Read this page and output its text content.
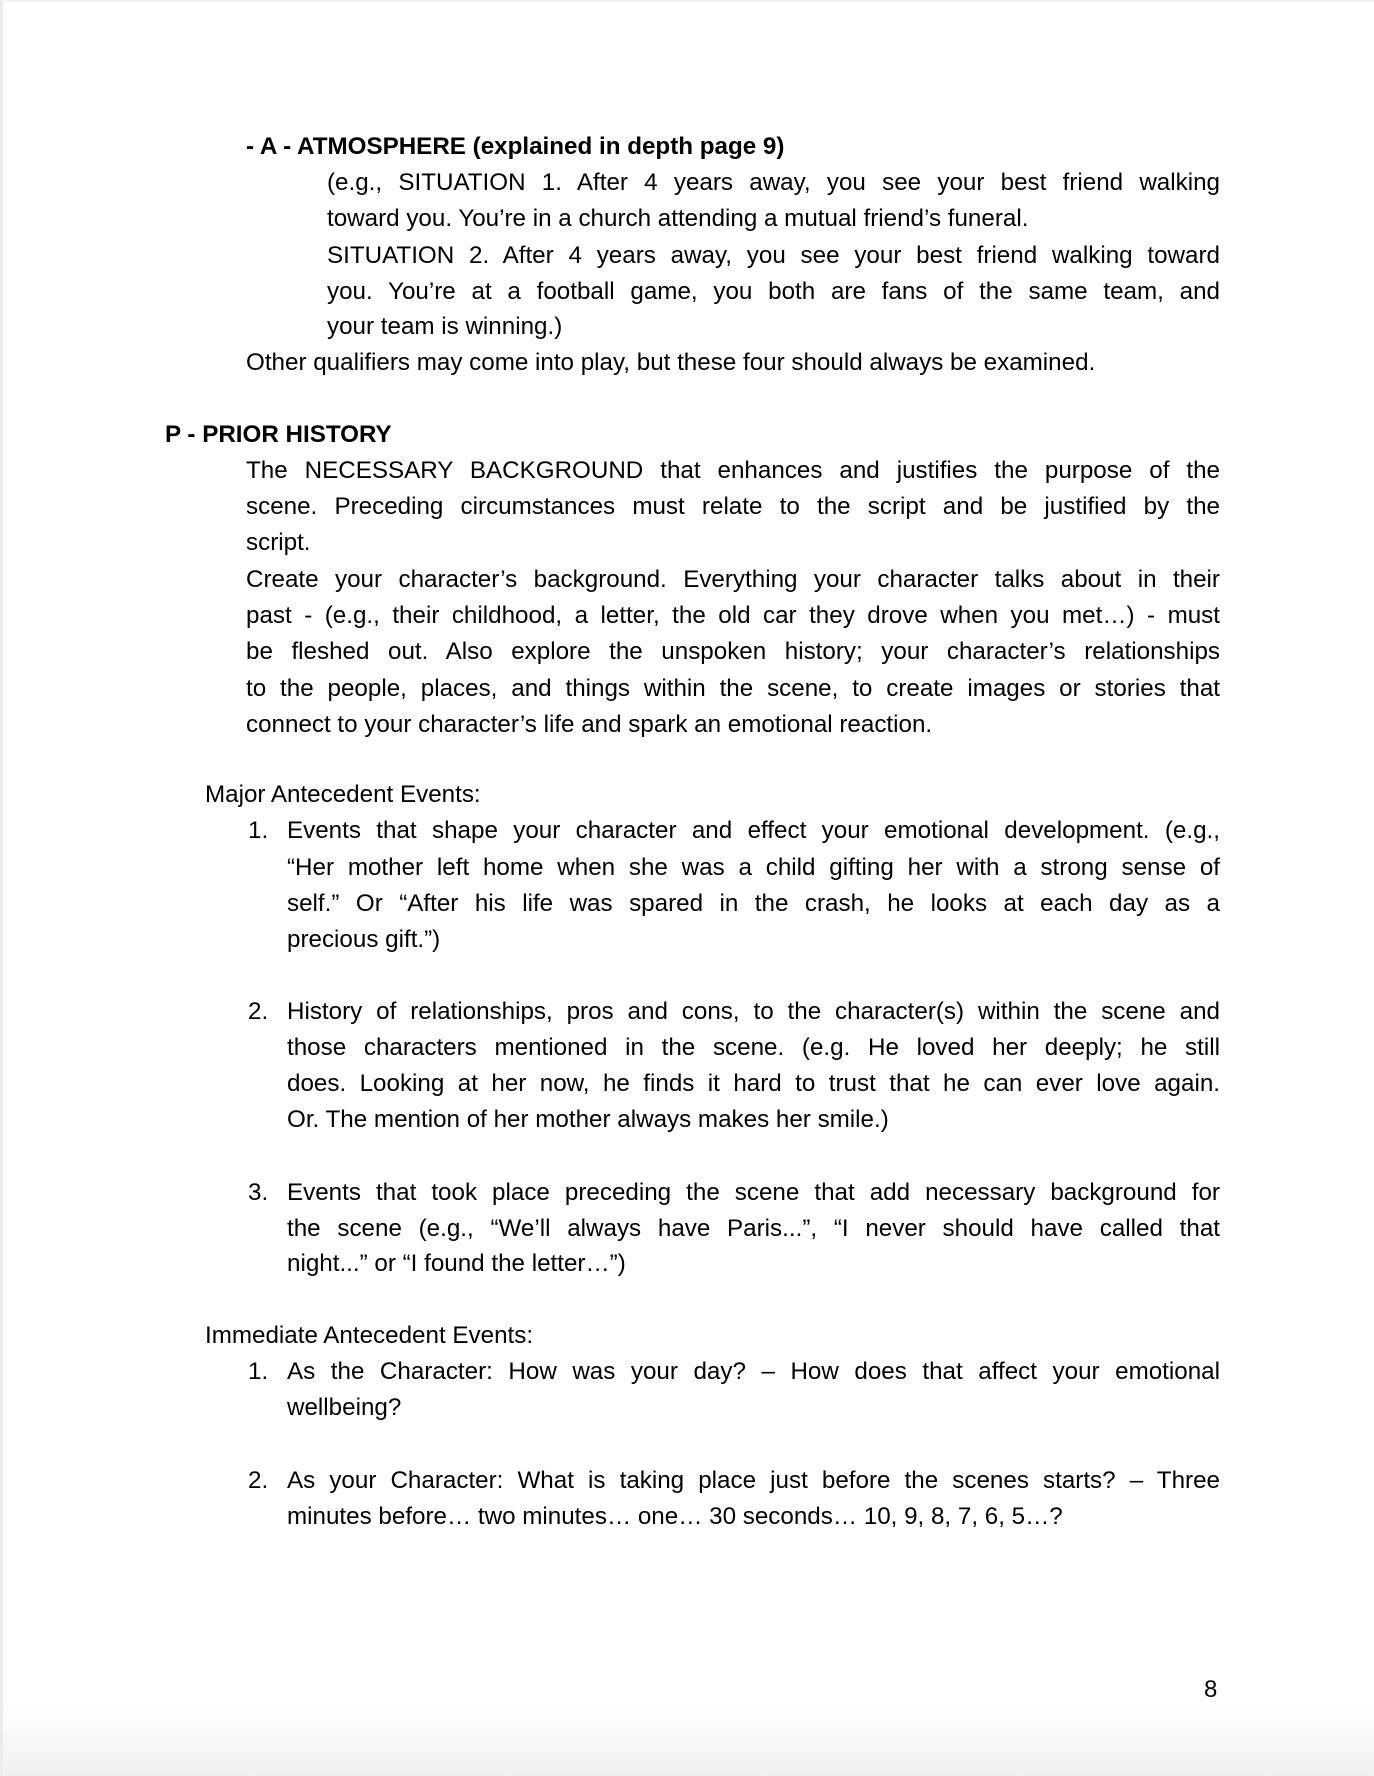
- A - ATMOSPHERE (explained in depth page 9)
(e.g., SITUATION 1. After 4 years away, you see your best friend walking
toward you. You’re in a church attending a mutual friend’s funeral.
SITUATION 2. After 4 years away, you see your best friend walking toward
you. You’re at a football game, you both are fans of the same team, and
your team is winning.)
Other qualifiers may come into play, but these four should always be examined.
P - PRIOR HISTORY
The NECESSARY BACKGROUND that enhances and justifies the purpose of the
scene. Preceding circumstances must relate to the script and be justified by the
script.
Create your character’s background. Everything your character talks about in their
past - (e.g., their childhood, a letter, the old car they drove when you met…) - must
be fleshed out. Also explore the unspoken history; your character’s relationships
to the people, places, and things within the scene, to create images or stories that
connect to your character’s life and spark an emotional reaction.
Major Antecedent Events:
1. Events that shape your character and effect your emotional development. (e.g.,
“Her mother left home when she was a child gifting her with a strong sense of
self.” Or “After his life was spared in the crash, he looks at each day as a
precious gift.”)
2. History of relationships, pros and cons, to the character(s) within the scene and
those characters mentioned in the scene. (e.g. He loved her deeply; he still
does. Looking at her now, he finds it hard to trust that he can ever love again.
Or. The mention of her mother always makes her smile.)
3. Events that took place preceding the scene that add necessary background for
the scene (e.g., “We’ll always have Paris...”, “I never should have called that
night...” or “I found the letter…”)
Immediate Antecedent Events:
1. As the Character: How was your day? – How does that affect your emotional
wellbeing?
2. As your Character: What is taking place just before the scenes starts? – Three
minutes before… two minutes… one… 30 seconds… 10, 9, 8, 7, 6, 5…?
8
